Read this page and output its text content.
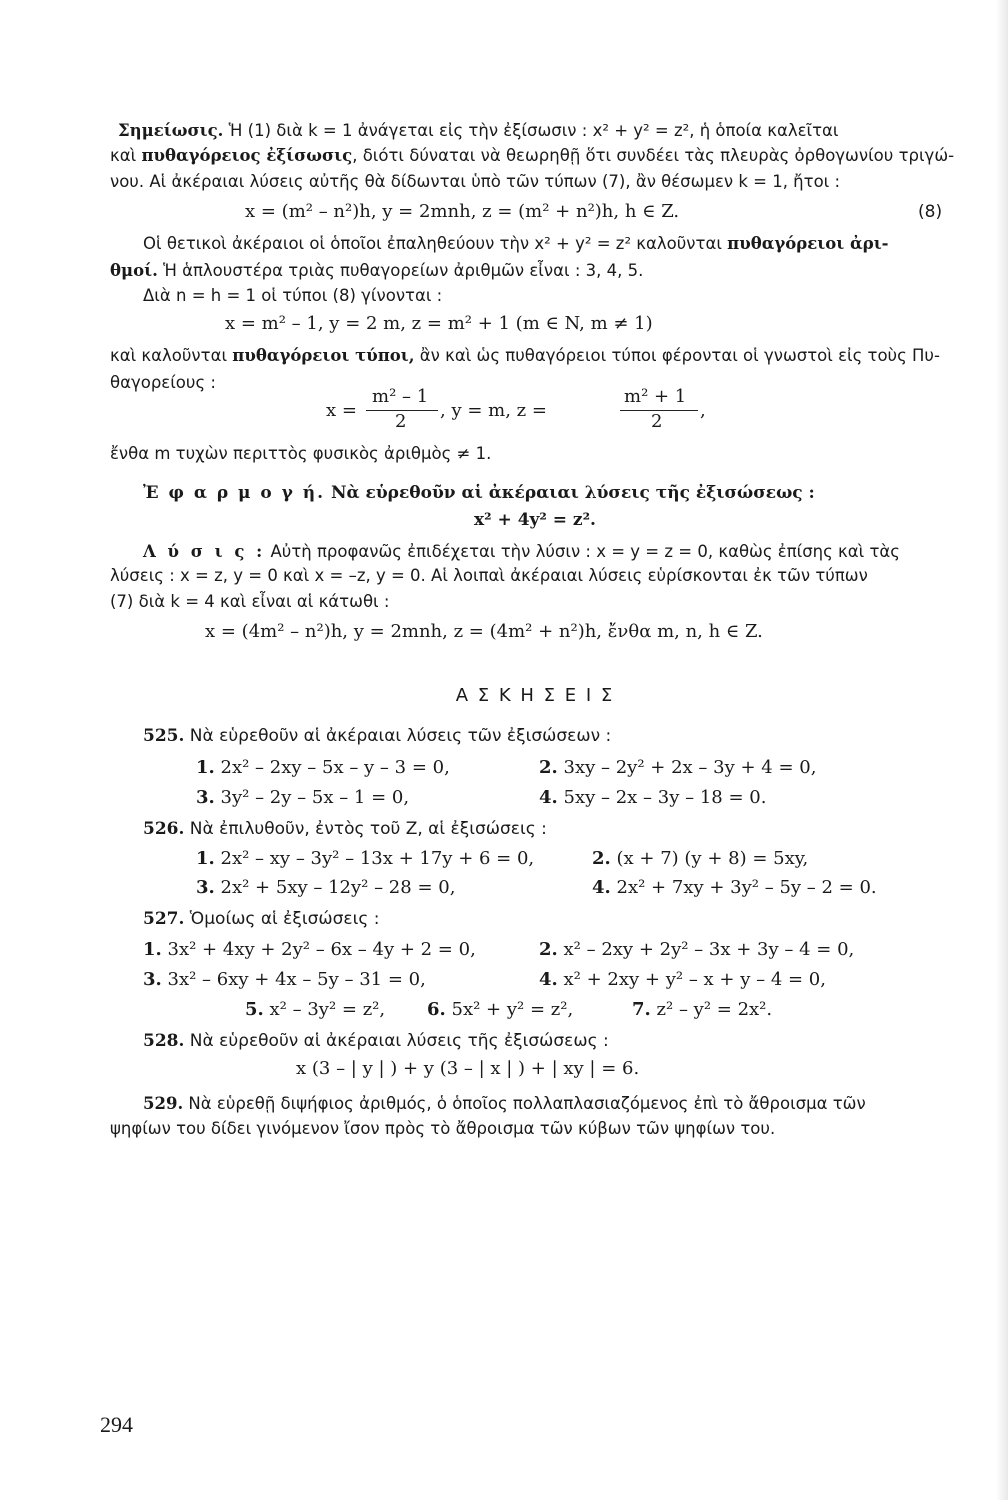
Σημείωσις. Ἡ (1) διὰ k = 1 ἀνάγεται εἰς τὴν ἐξίσωσιν : x² + y² = z², ἡ ὁποία καλεῖται
καὶ πυθαγόρειος ἐξίσωσις, διότι δύναται νὰ θεωρηθῇ ὅτι συνδέει τὰς πλευρὰς ὀρθογωνίου τριγώ-
νου. Αἱ ἀκέραιαι λύσεις αὐτῆς θὰ δίδωνται ὑπὸ τῶν τύπων (7), ἂν θέσωμεν k = 1, ἤτοι :
x = (m² – n²)h, y = 2mnh, z = (m² + n²)h, h ∈ Z.	(8)
Οἱ θετικοὶ ἀκέραιοι οἱ ὁποῖοι ἐπαληθεύουν τὴν x² + y² = z² καλοῦνται πυθαγόρειοι ἀρι-
θμοί. Ἡ ἁπλουστέρα τριὰς πυθαγορείων ἀριθμῶν εἶναι : 3, 4, 5.
Διὰ n = h = 1 οἱ τύποι (8) γίνονται :
x = m² – 1, y = 2 m, z = m² + 1 (m ∈ N, m ≠ 1)
καὶ καλοῦνται πυθαγόρειοι τύποι, ἂν καὶ ὡς πυθαγόρειοι τύποι φέρονται οἱ γνωστοὶ εἰς τοὺς Πυ-
θαγορείους :
x =
m² – 1
2
, y = m, z =
m² + 1
2
,
ἔνθα m τυχὼν περιττὸς φυσικὸς ἀριθμὸς ≠ 1.
Ἐ φ α ρ μ ο γ ή. Νὰ εὑρεθοῦν αἱ ἀκέραιαι λύσεις τῆς ἐξισώσεως :
x² + 4y² = z².
Λ ύ σ ι ς : Αὐτὴ προφανῶς ἐπιδέχεται τὴν λύσιν : x = y = z = 0, καθὼς ἐπίσης καὶ τὰς
λύσεις : x = z, y = 0 καὶ x = –z, y = 0. Αἱ λοιπαὶ ἀκέραιαι λύσεις εὑρίσκονται ἐκ τῶν τύπων
(7) διὰ k = 4 καὶ εἶναι αἱ κάτωθι :
x = (4m² – n²)h, y = 2mnh, z = (4m² + n²)h, ἔνθα m, n, h ∈ Z.
Α Σ Κ Η Σ Ε Ι Σ
525. Νὰ εὑρεθοῦν αἱ ἀκέραιαι λύσεις τῶν ἐξισώσεων :
1. 2x² – 2xy – 5x – y – 3 = 0,	2. 3xy – 2y² + 2x – 3y + 4 = 0,
3. 3y² – 2y – 5x – 1 = 0,	4. 5xy – 2x – 3y – 18 = 0.
526. Νὰ ἐπιλυθοῦν, ἐντὸς τοῦ Z, αἱ ἐξισώσεις :
1. 2x² – xy – 3y² – 13x + 17y + 6 = 0,	2. (x + 7) (y + 8) = 5xy,
3. 2x² + 5xy – 12y² – 28 = 0,	4. 2x² + 7xy + 3y² – 5y – 2 = 0.
527. Ὁμοίως αἱ ἐξισώσεις :
1. 3x² + 4xy + 2y² – 6x – 4y + 2 = 0,	2. x² – 2xy + 2y² – 3x + 3y – 4 = 0,
3. 3x² – 6xy + 4x – 5y – 31 = 0,	4. x² + 2xy + y² – x + y – 4 = 0,
5. x² – 3y² = z²,	6. 5x² + y² = z²,	7. z² – y² = 2x².
528. Νὰ εὑρεθοῦν αἱ ἀκέραιαι λύσεις τῆς ἐξισώσεως :
x (3 – | y | ) + y (3 – | x | ) + | xy | = 6.
529. Νὰ εὑρεθῇ διψήφιος ἀριθμός, ὁ ὁποῖος πολλαπλασιαζόμενος ἐπὶ τὸ ἄθροισμα τῶν
ψηφίων του δίδει γινόμενον ἴσον πρὸς τὸ ἄθροισμα τῶν κύβων τῶν ψηφίων του.
294
